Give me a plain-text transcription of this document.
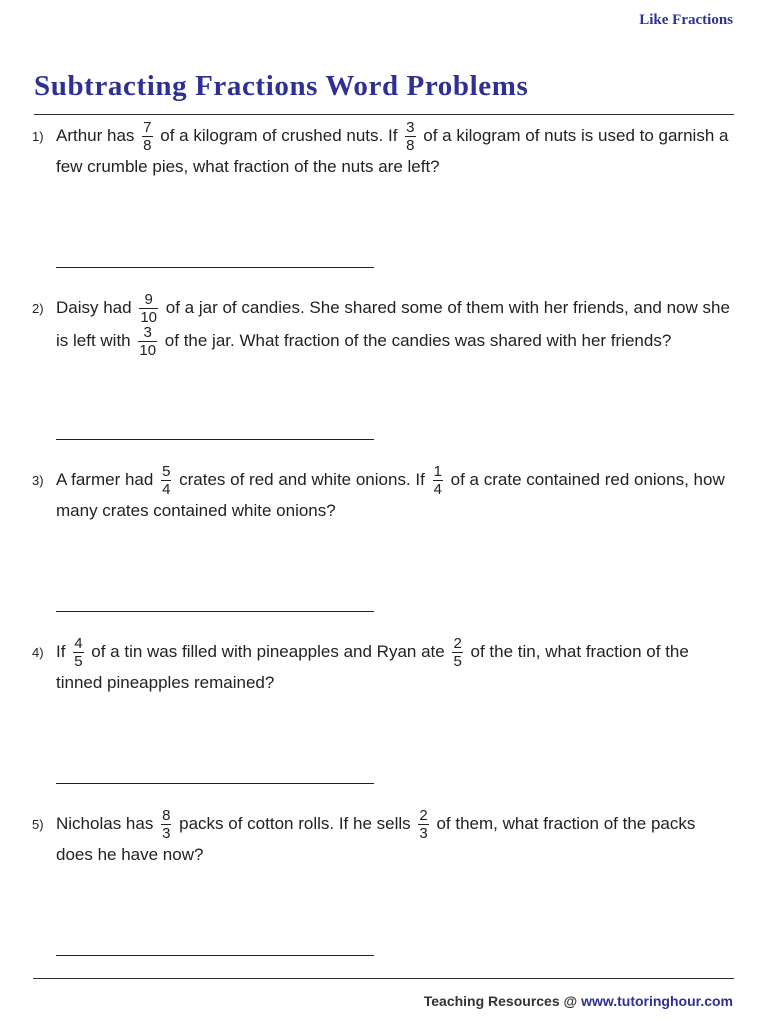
Like Fractions
Subtracting Fractions Word Problems
1) Arthur has $\frac{7}{8}$ of a kilogram of crushed nuts. If $\frac{3}{8}$ of a kilogram of nuts is used to garnish a few crumble pies, what fraction of the nuts are left?
2) Daisy had $\frac{9}{10}$ of a jar of candies. She shared some of them with her friends, and now she is left with $\frac{3}{10}$ of the jar. What fraction of the candies was shared with her friends?
3) A farmer had $\frac{5}{4}$ crates of red and white onions. If $\frac{1}{4}$ of a crate contained red onions, how many crates contained white onions?
4) If $\frac{4}{5}$ of a tin was filled with pineapples and Ryan ate $\frac{2}{5}$ of the tin, what fraction of the tinned pineapples remained?
5) Nicholas has $\frac{8}{3}$ packs of cotton rolls. If he sells $\frac{2}{3}$ of them, what fraction of the packs does he have now?
Teaching Resources @ www.tutoringhour.com
